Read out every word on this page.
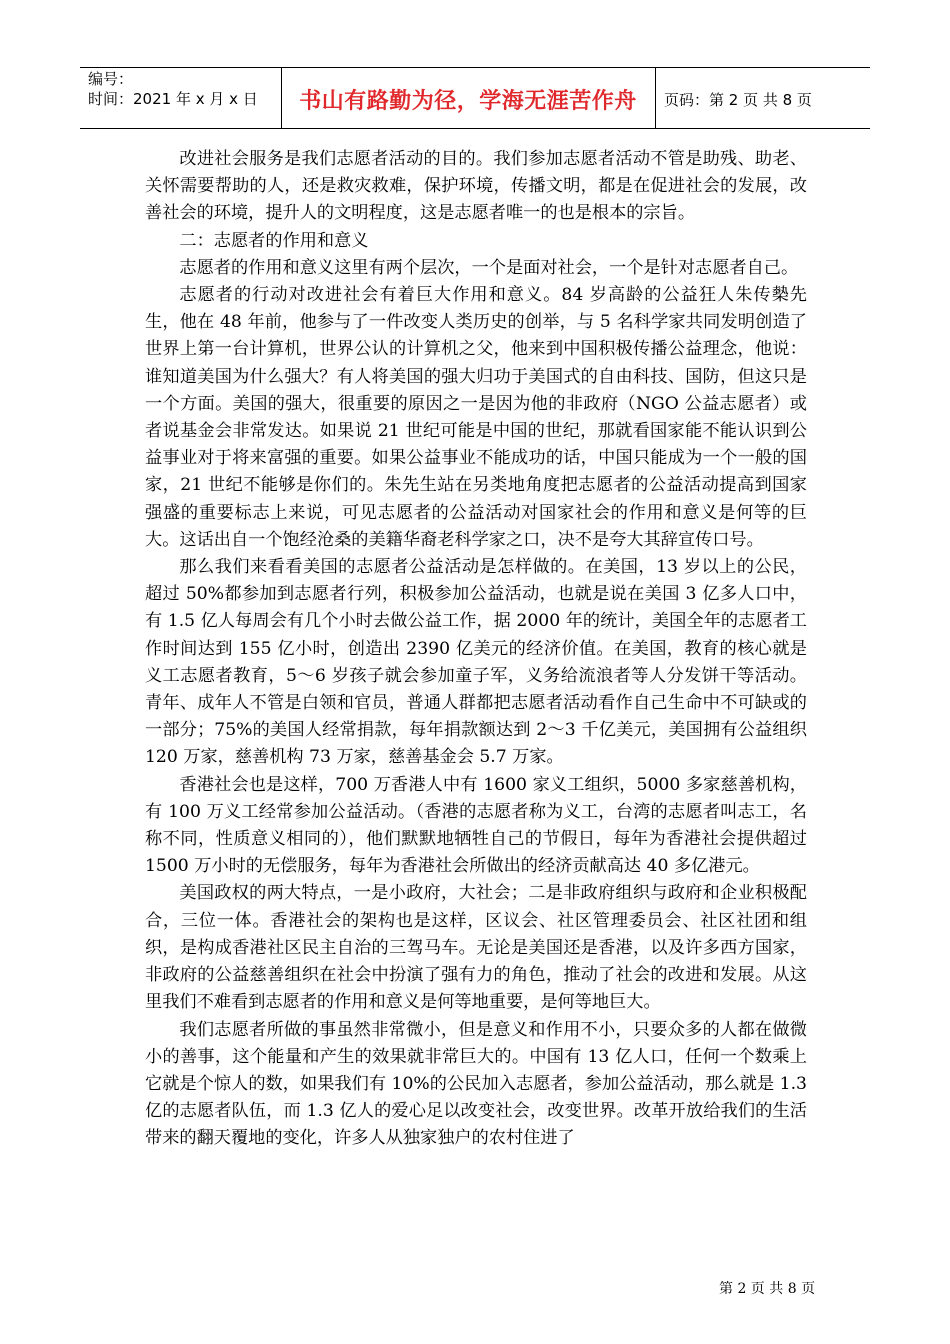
编号：
时间：2021 年 x 月 x 日	书山有路勤为径，学海无涯苦作舟	页码：第 2 页 共 8 页

改进社会服务是我们志愿者活动的目的。我们参加志愿者活动不管是助残、助老、关怀需要帮助的人，还是救灾救难，保护环境，传播文明，都是在促进社会的发展，改善社会的环境，提升人的文明程度，这是志愿者唯一的也是根本的宗旨。

二：志愿者的作用和意义

志愿者的作用和意义这里有两个层次，一个是面对社会，一个是针对志愿者自己。

志愿者的行动对改进社会有着巨大作用和意义。84 岁高龄的公益狂人朱传槷先生，他在 48 年前，他参与了一件改变人类历史的创举，与 5 名科学家共同发明创造了世界上第一台计算机，世界公认的计算机之父，他来到中国积极传播公益理念，他说：谁知道美国为什么强大？有人将美国的强大归功于美国式的自由科技、国防，但这只是一个方面。美国的强大，很重要的原因之一是因为他的非政府（NGO 公益志愿者）或者说基金会非常发达。如果说 21 世纪可能是中国的世纪，那就看国家能不能认识到公益事业对于将来富强的重要。如果公益事业不能成功的话，中国只能成为一个一般的国家，21 世纪不能够是你们的。朱先生站在另类地角度把志愿者的公益活动提高到国家强盛的重要标志上来说，可见志愿者的公益活动对国家社会的作用和意义是何等的巨大。这话出自一个饱经沧桑的美籍华裔老科学家之口，决不是夸大其辞宣传口号。

那么我们来看看美国的志愿者公益活动是怎样做的。在美国，13 岁以上的公民，超过 50%都参加到志愿者行列，积极参加公益活动，也就是说在美国 3 亿多人口中，有 1.5 亿人每周会有几个小时去做公益工作，据 2000 年的统计，美国全年的志愿者工作时间达到 155 亿小时，创造出 2390 亿美元的经济价值。在美国，教育的核心就是义工志愿者教育，5～6 岁孩子就会参加童子军，义务给流浪者等人分发饼干等活动。青年、成年人不管是白领和官员，普通人群都把志愿者活动看作自己生命中不可缺或的一部分；75%的美国人经常捐款，每年捐款额达到 2～3 千亿美元，美国拥有公益组织 120 万家，慈善机构 73 万家，慈善基金会 5.7 万家。

香港社会也是这样，700 万香港人中有 1600 家义工组织，5000 多家慈善机构，有 100 万义工经常参加公益活动。（香港的志愿者称为义工，台湾的志愿者叫志工，名称不同，性质意义相同的），他们默默地牺牲自己的节假日，每年为香港社会提供超过 1500 万小时的无偿服务，每年为香港社会所做出的经济贡献高达 40 多亿港元。

美国政权的两大特点，一是小政府，大社会；二是非政府组织与政府和企业积极配合，三位一体。香港社会的架构也是这样，区议会、社区管理委员会、社区社团和组织，是构成香港社区民主自治的三驾马车。无论是美国还是香港，以及许多西方国家，非政府的公益慈善组织在社会中扮演了强有力的角色，推动了社会的改进和发展。从这里我们不难看到志愿者的作用和意义是何等地重要，是何等地巨大。

我们志愿者所做的事虽然非常微小，但是意义和作用不小，只要众多的人都在做微小的善事，这个能量和产生的效果就非常巨大的。中国有 13 亿人口，任何一个数乘上它就是个惊人的数，如果我们有 10%的公民加入志愿者，参加公益活动，那么就是 1.3 亿的志愿者队伍，而 1.3 亿人的爱心足以改变社会，改变世界。改革开放给我们的生活带来的翻天覆地的变化，许多人从独家独户的农村住进了

第 2 页 共 8 页
